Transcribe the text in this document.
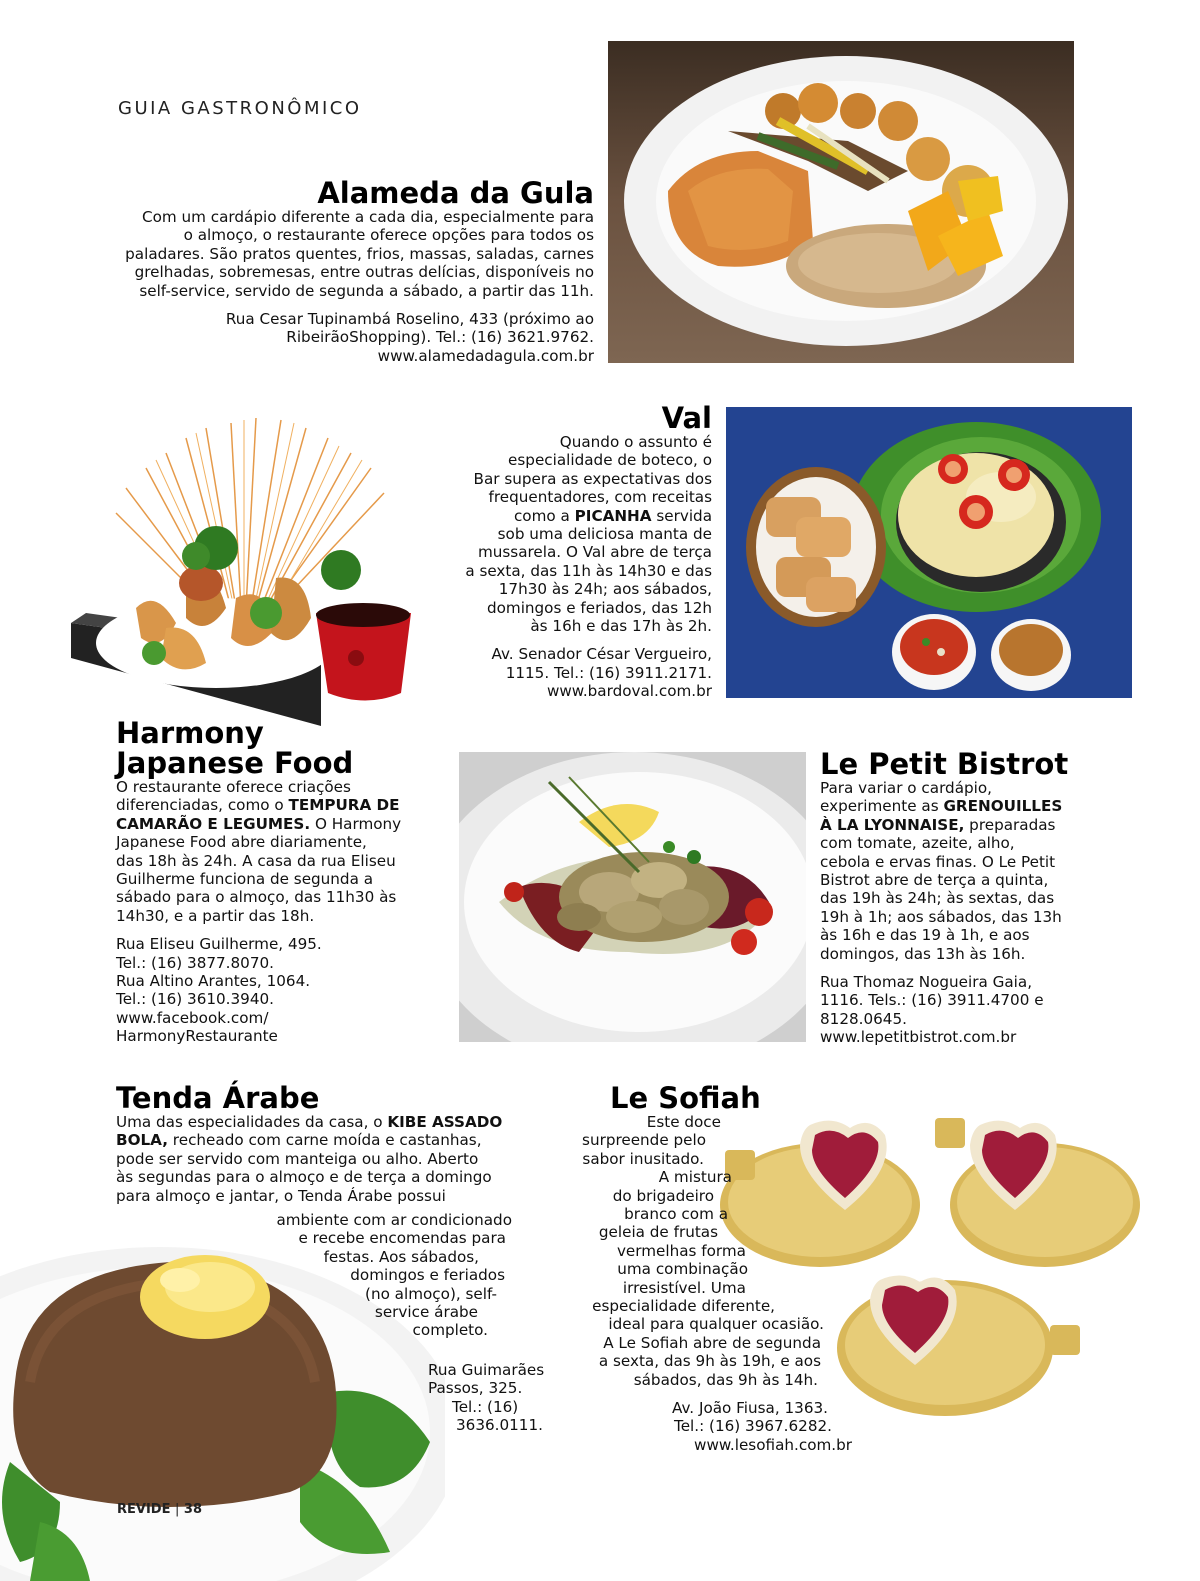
GUIA GASTRONÔMICO
Alameda da Gula
Com um cardápio diferente a cada dia, especialmente para
o almoço, o restaurante oferece opções para todos os
paladares. São pratos quentes, frios, massas, saladas, carnes
grelhadas, sobremesas, entre outras delícias, disponíveis no
self-service, servido de segunda a sábado, a partir das 11h.
Rua Cesar Tupinambá Roselino, 433 (próximo ao
RibeirãoShopping). Tel.: (16) 3621.9762.
www.alamedadagula.com.br
Val
Quando o assunto é
especialidade de boteco, o
Bar supera as expectativas dos
frequentadores, com receitas
como a PICANHA servida
sob uma deliciosa manta de
mussarela. O Val abre de terça
a sexta, das 11h às 14h30 e das
17h30 às 24h; aos sábados,
domingos e feriados, das 12h
às 16h e das 17h às 2h.
Av. Senador César Vergueiro,
1115. Tel.: (16) 3911.2171.
www.bardoval.com.br
Harmony
Japanese Food
O restaurante oferece criações
diferenciadas, como o TEMPURA DE
CAMARÃO E LEGUMES. O Harmony
Japanese Food abre diariamente,
das 18h às 24h. A casa da rua Eliseu
Guilherme funciona de segunda a
sábado para o almoço, das 11h30 às
14h30, e a partir das 18h.
Rua Eliseu Guilherme, 495.
Tel.: (16) 3877.8070.
Rua Altino Arantes, 1064.
Tel.: (16) 3610.3940.
www.facebook.com/
HarmonyRestaurante
Le Petit Bistrot
Para variar o cardápio,
experimente as GRENOUILLES
À LA LYONNAISE, preparadas
com tomate, azeite, alho,
cebola e ervas finas. O Le Petit
Bistrot abre de terça a quinta,
das 19h às 24h; às sextas, das
19h à 1h; aos sábados, das 13h
às 16h e das 19 à 1h, e aos
domingos, das 13h às 16h.
Rua Thomaz Nogueira Gaia,
1116. Tels.: (16) 3911.4700 e
8128.0645.
www.lepetitbistrot.com.br
Tenda Árabe
Uma das especialidades da casa, o KIBE ASSADO
BOLA, recheado com carne moída e castanhas,
pode ser servido com manteiga ou alho. Aberto
às segundas para o almoço e de terça a domingo
para almoço e jantar, o Tenda Árabe possui
ambiente com ar condicionado
e recebe encomendas para
festas. Aos sábados,
domingos e feriados
(no almoço), self-
service árabe
completo.
Rua Guimarães
Passos, 325.
Tel.: (16)
3636.0111.
Le Sofiah
Este doce
surpreende pelo
sabor inusitado.
A mistura
do brigadeiro
branco com a
geleia de frutas
vermelhas forma
uma combinação
irresistível. Uma
especialidade diferente,
ideal para qualquer ocasião.
A Le Sofiah abre de segunda
a sexta, das 9h às 19h, e aos
sábados, das 9h às 14h.
Av. João Fiusa, 1363.
Tel.: (16) 3967.6282.
www.lesofiah.com.br
REVIDE | 38
